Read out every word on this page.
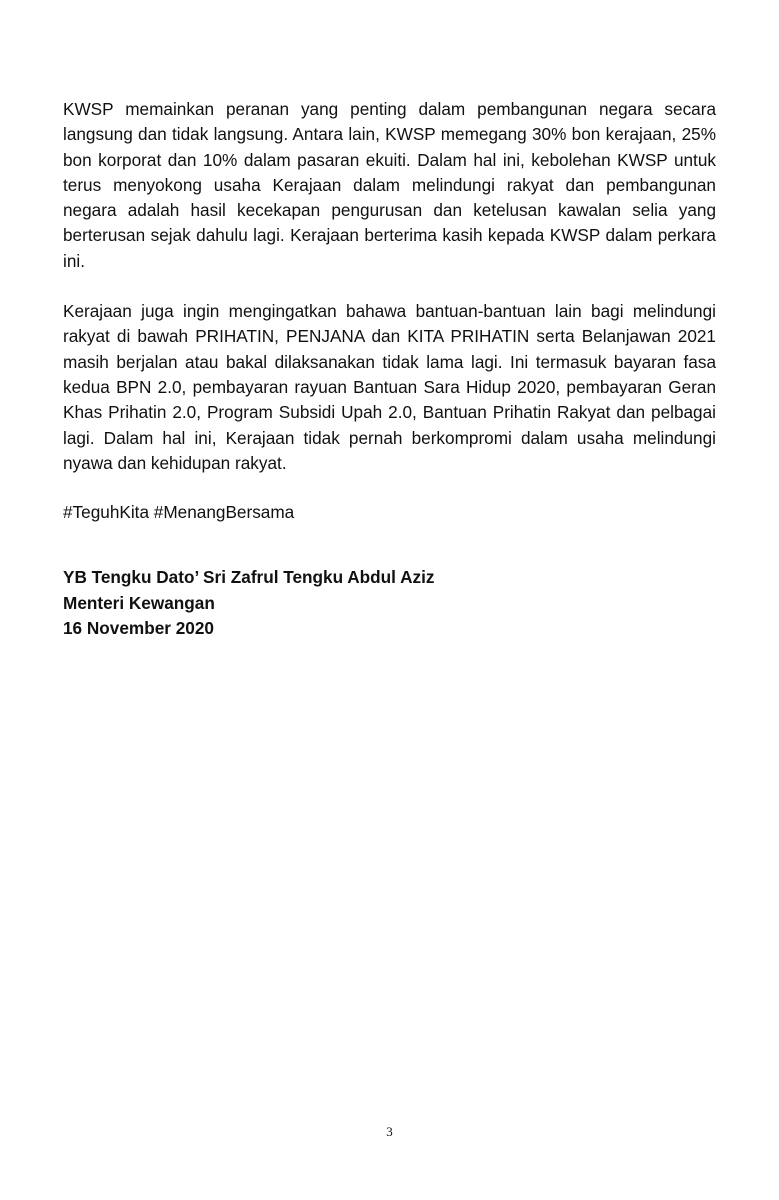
KWSP memainkan peranan yang penting dalam pembangunan negara secara langsung dan tidak langsung. Antara lain, KWSP memegang 30% bon kerajaan, 25% bon korporat dan 10% dalam pasaran ekuiti. Dalam hal ini, kebolehan KWSP untuk terus menyokong usaha Kerajaan dalam melindungi rakyat dan pembangunan negara adalah hasil kecekapan pengurusan dan ketelusan kawalan selia yang berterusan sejak dahulu lagi. Kerajaan berterima kasih kepada KWSP dalam perkara ini.

Kerajaan juga ingin mengingatkan bahawa bantuan-bantuan lain bagi melindungi rakyat di bawah PRIHATIN, PENJANA dan KITA PRIHATIN serta Belanjawan 2021 masih berjalan atau bakal dilaksanakan tidak lama lagi. Ini termasuk bayaran fasa kedua BPN 2.0, pembayaran rayuan Bantuan Sara Hidup 2020, pembayaran Geran Khas Prihatin 2.0, Program Subsidi Upah 2.0, Bantuan Prihatin Rakyat dan pelbagai lagi. Dalam hal ini, Kerajaan tidak pernah berkompromi dalam usaha melindungi nyawa dan kehidupan rakyat.

#TeguhKita #MenangBersama

YB Tengku Dato’ Sri Zafrul Tengku Abdul Aziz

Menteri Kewangan

16 November 2020

3
